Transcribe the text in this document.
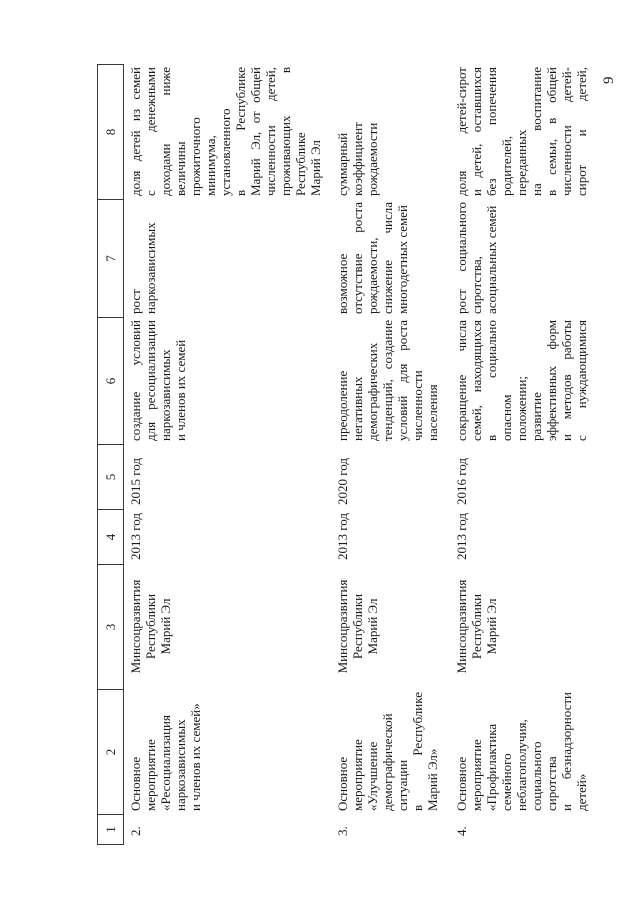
9
1
2
3
4
5
6
7
8
2.
Основное мероприятие «Ресоциализация наркозависимых и членов их семей»
Минсоцразвития Республики Марий Эл
2013 год
2015 год
создание условий для ресоциализации наркозависимых и членов их семей
рост наркозависимых
доля детей из семей с денежными доходами ниже величины прожиточного минимума, установленного в Республике Марий Эл, от общей численности детей, проживающих в Республике Марий Эл
3.
Основное мероприятие «Улучшение демографической ситуации в Республике Марий Эл»
Минсоцразвития Республики Марий Эл
2013 год
2020 год
преодоление негативных демографических тенденций, создание условий для роста численности населения
возможное отсутствие роста рождаемости, снижение числа многодетных семей
суммарный коэффициент рождаемости
4.
Основное мероприятие «Профилактика семейного неблагополучия, социального сиротства и безнадзорности детей»
Минсоцразвития Республики Марий Эл
2013 год
2016 год
сокращение числа семей, находящихся в социально опасном положении; развитие эффективных форм и методов работы с нуждающимися
рост социального сиротства, асоциальных семей
доля детей-сирот и детей, оставшихся без попечения родителей, переданных на воспитание в семьи, в общей численности детей- сирот и детей,
